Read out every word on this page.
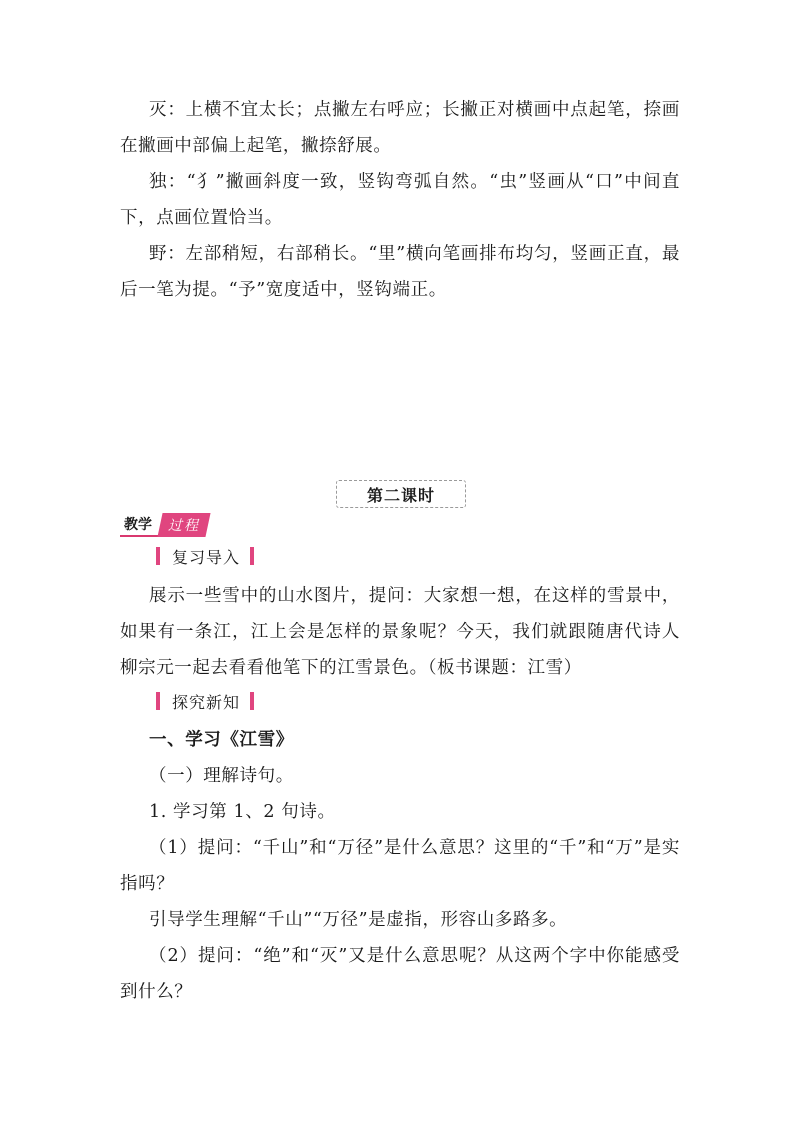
灭：上横不宜太长；点撇左右呼应；长撇正对横画中点起笔，捺画在撇画中部偏上起笔，撇捺舒展。

独：“犭”撇画斜度一致，竖钩弯弧自然。“虫”竖画从“口”中间直下，点画位置恰当。

野：左部稍短，右部稍长。“里”横向笔画排布均匀，竖画正直，最后一笔为提。“予”宽度适中，竖钩端正。

第二课时
教学	过程
复习导入

展示一些雪中的山水图片，提问：大家想一想，在这样的雪景中，如果有一条江，江上会是怎样的景象呢？今天，我们就跟随唐代诗人柳宗元一起去看看他笔下的江雪景色。（板书课题：江雪）

探究新知

一、学习《江雪》

（一）理解诗句。

1. 学习第 1、2 句诗。

（1）提问：“千山”和“万径”是什么意思？这里的“千”和“万”是实指吗？

引导学生理解“千山”“万径”是虚指，形容山多路多。

（2）提问：“绝”和“灭”又是什么意思呢？从这两个字中你能感受到什么？
